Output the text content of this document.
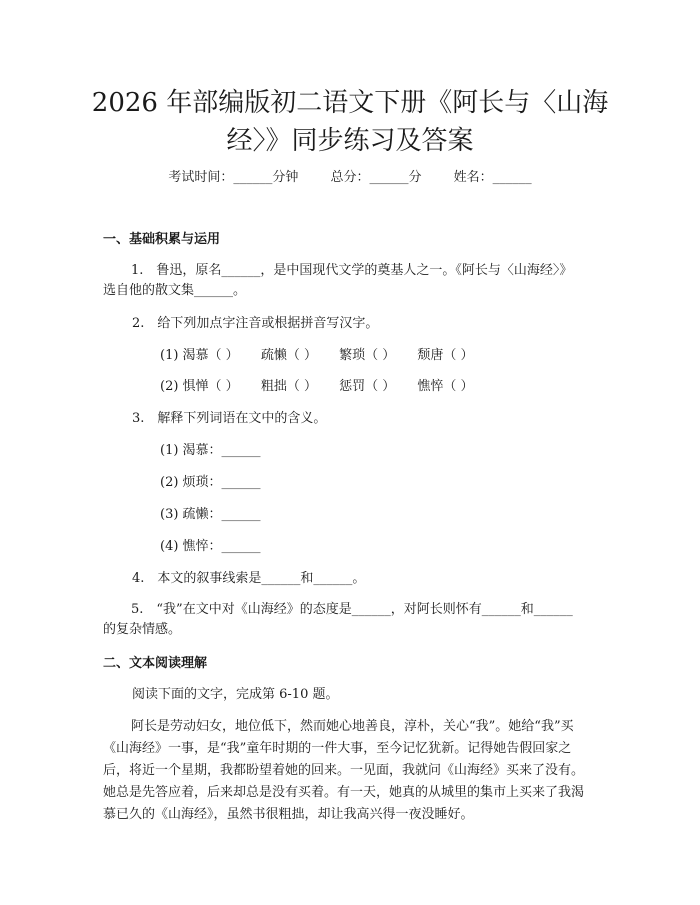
2026 年部编版初二语文下册《阿长与〈山海
经〉》同步练习及答案
考试时间：______分钟 总分：______分 姓名：______
一、基础积累与运用
1.　鲁迅，原名______，是中国现代文学的奠基人之一。《阿长与〈山海经〉》选自他的散文集______。
2.　给下列加点字注音或根据拼音写汉字。
(1) 渴慕（ ） 疏懒（ ） 繁琐（ ） 颓唐（ ）
(2) 惧惮（ ） 粗拙（ ） 惩罚（ ） 憔悴（ ）
3.　解释下列词语在文中的含义。
(1) 渴慕：______
(2) 烦琐：______
(3) 疏懒：______
(4) 憔悴：______
4.　本文的叙事线索是______和______。
5.　“我”在文中对《山海经》的态度是______，对阿长则怀有______和______的复杂情感。
二、文本阅读理解
阅读下面的文字，完成第 6-10 题。
阿长是劳动妇女，地位低下，然而她心地善良，淳朴，关心“我”。她给“我”买《山海经》一事，是“我”童年时期的一件大事，至今记忆犹新。记得她告假回家之后，将近一个星期，我都盼望着她的回来。一见面，我就问《山海经》买来了没有。她总是先答应着，后来却总是没有买着。有一天，她真的从城里的集市上买来了我渴慕已久的《山海经》，虽然书很粗拙，却让我高兴得一夜没睡好。
